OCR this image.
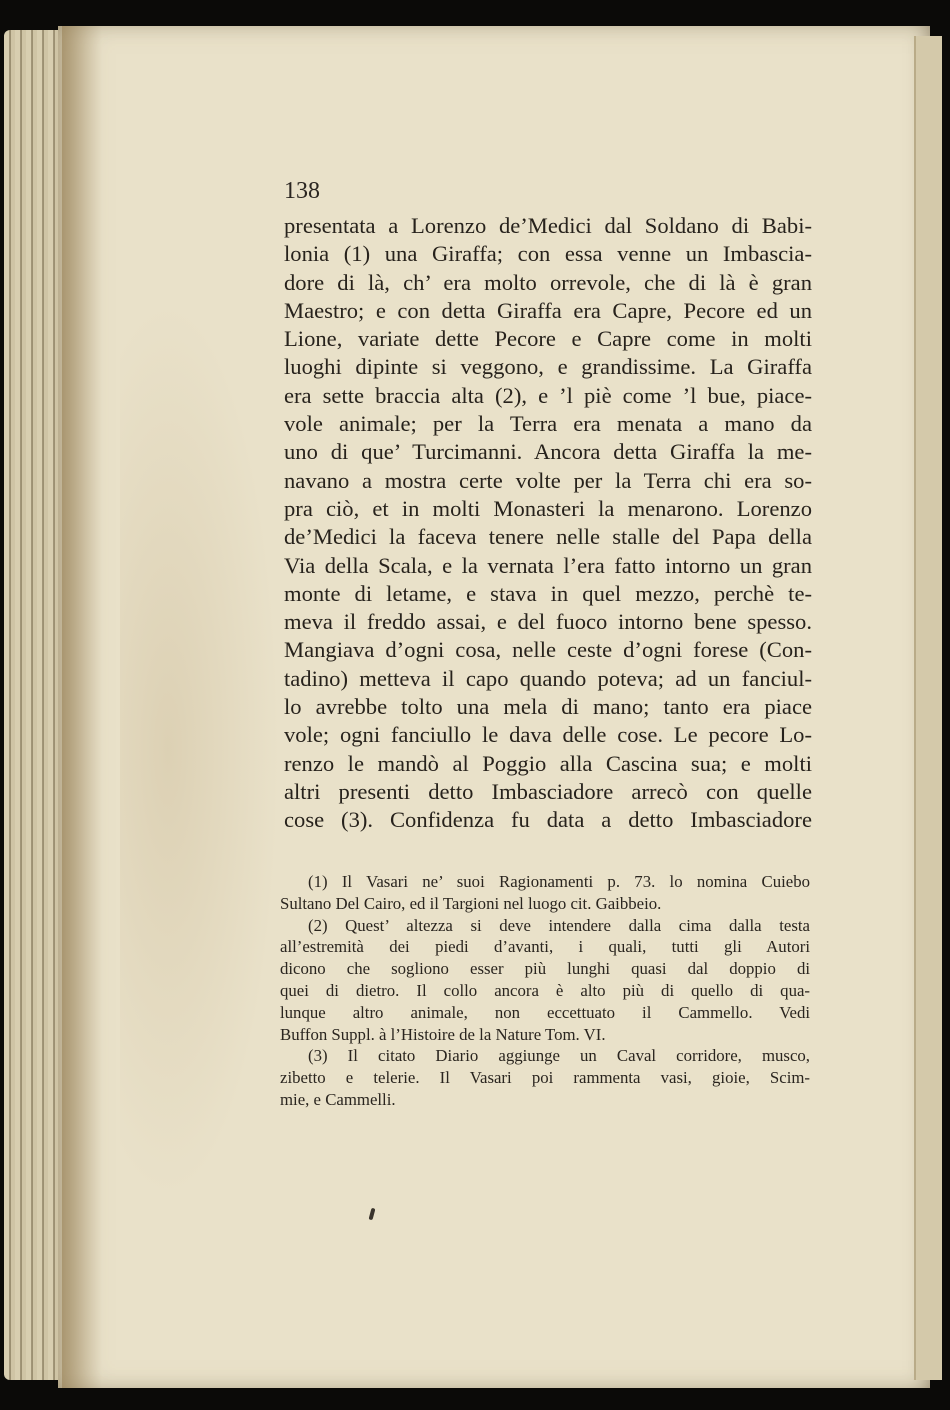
138

presentata a Lorenzo de’Medici dal Soldano di Babi-
lonia (1) una Giraffa; con essa venne un Imbascia-
dore di là, ch’ era molto orrevole, che di là è gran
Maestro; e con detta Giraffa era Capre, Pecore ed un
Lione, variate dette Pecore e Capre come in molti
luoghi dipinte si veggono, e grandissime. La Giraffa
era sette braccia alta (2), e ’l piè come ’l bue, piace-
vole animale; per la Terra era menata a mano da
uno di que’ Turcimanni. Ancora detta Giraffa la me-
navano a mostra certe volte per la Terra chi era so-
pra ciò, et in molti Monasteri la menarono. Lorenzo
de’Medici la faceva tenere nelle stalle del Papa della
Via della Scala, e la vernata l’era fatto intorno un gran
monte di letame, e stava in quel mezzo, perchè te-
meva il freddo assai, e del fuoco intorno bene spesso.
Mangiava d’ogni cosa, nelle ceste d’ogni forese (Con-
tadino) metteva il capo quando poteva; ad un fanciul-
lo avrebbe tolto una mela di mano; tanto era piace
vole; ogni fanciullo le dava delle cose. Le pecore Lo-
renzo le mandò al Poggio alla Cascina sua; e molti
altri presenti detto Imbasciadore arrecò con quelle
cose (3). Confidenza fu data a detto Imbasciadore

(1) Il Vasari ne’ suoi Ragionamenti p. 73. lo nomina Cuiebo
Sultano Del Cairo, ed il Targioni nel luogo cit. Gaibbeio.
(2) Quest’ altezza si deve intendere dalla cima dalla testa
all’estremità dei piedi d’avanti, i quali, tutti gli Autori
dicono che sogliono esser più lunghi quasi dal doppio di
quei di dietro. Il collo ancora è alto più di quello di qua-
lunque altro animale, non eccettuato il Cammello. Vedi
Buffon Suppl. à l’Histoire de la Nature Tom. VI.
(3) Il citato Diario aggiunge un Caval corridore, musco,
zibetto e telerie. Il Vasari poi rammenta vasi, gioie, Scim-
mie, e Cammelli.
